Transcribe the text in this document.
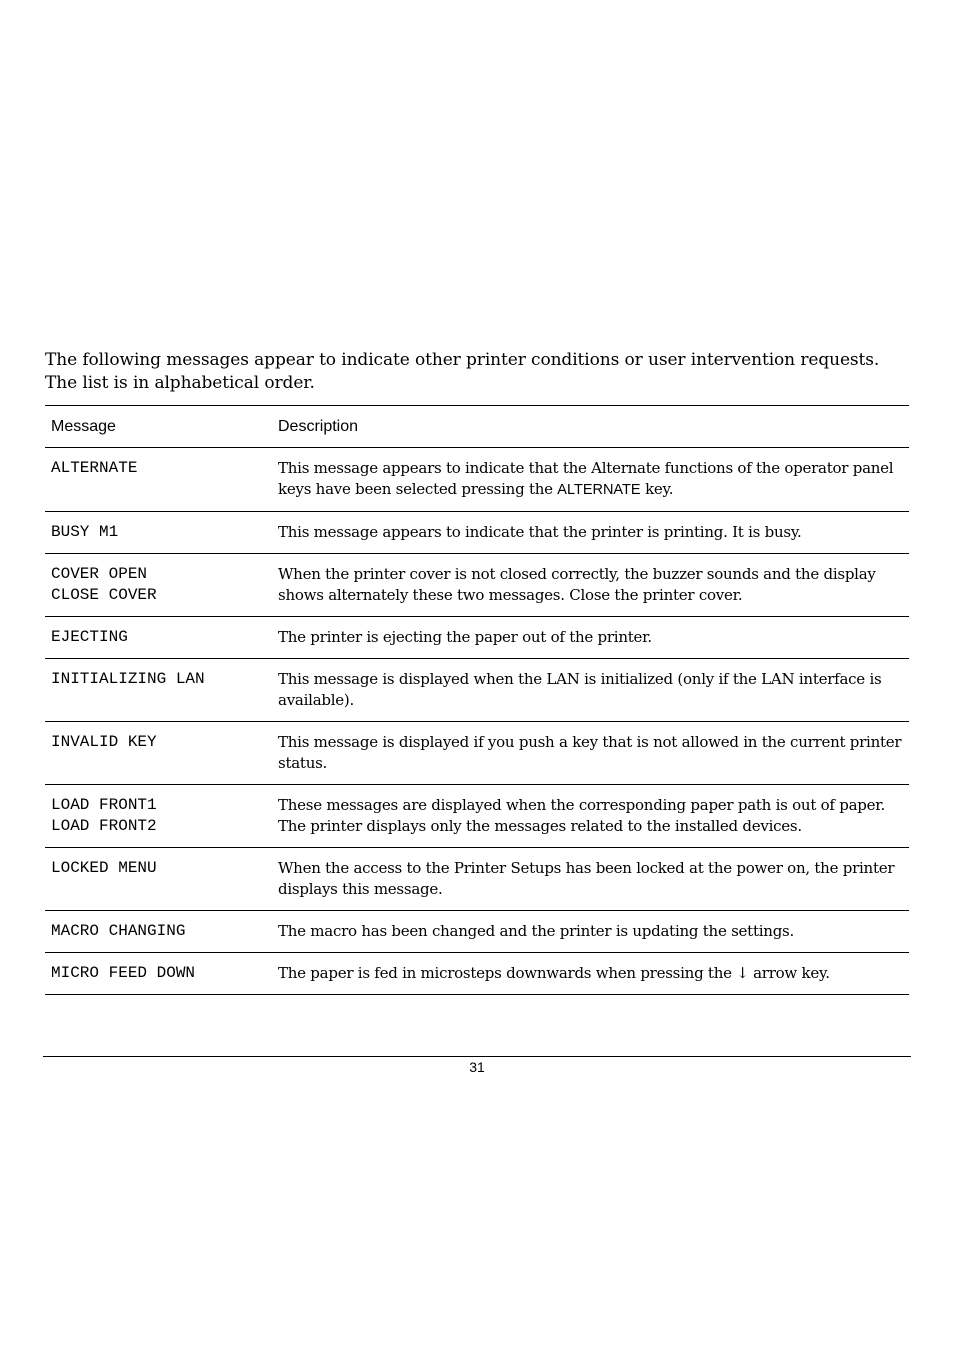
The following messages appear to indicate other printer conditions or user intervention requests.

The list is in alphabetical order.

Message	Description

ALTERNATE	This message appears to indicate that the Alternate functions of the operator panel keys have been selected pressing the ALTERNATE key.

BUSY M1	This message appears to indicate that the printer is printing. It is busy.

COVER OPEN
CLOSE COVER	When the printer cover is not closed correctly, the buzzer sounds and the display shows alternately these two messages. Close the printer cover.

EJECTING	The printer is ejecting the paper out of the printer.

INITIALIZING LAN	This message is displayed when the LAN is initialized (only if the LAN interface is available).

INVALID KEY	This message is displayed if you push a key that is not allowed in the current printer status.

LOAD FRONT1
LOAD FRONT2	These messages are displayed when the corresponding paper path is out of paper.
The printer displays only the messages related to the installed devices.

LOCKED MENU	When the access to the Printer Setups has been locked at the power on, the printer displays this message.

MACRO CHANGING	The macro has been changed and the printer is updating the settings.

MICRO FEED DOWN	The paper is fed in microsteps downwards when pressing the ↓ arrow key.
31
